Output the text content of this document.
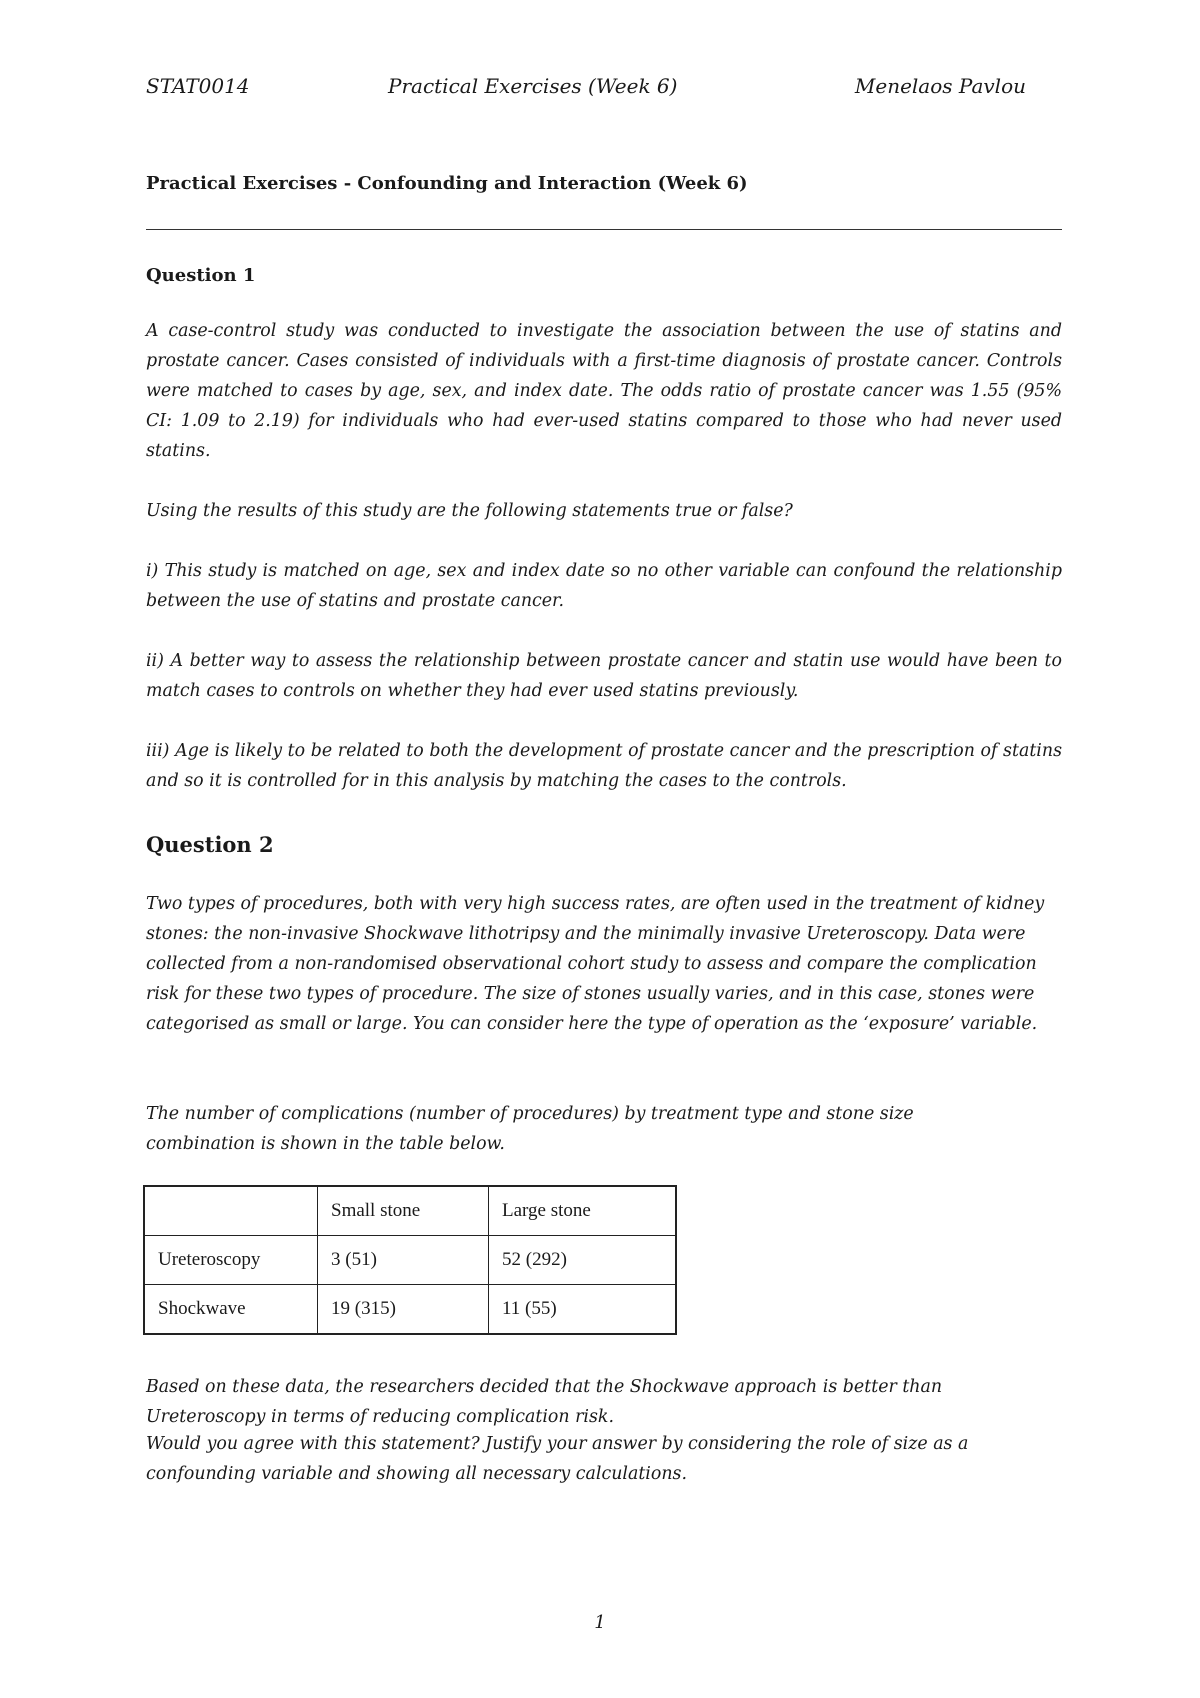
STAT0014	Practical Exercises (Week 6)	Menelaos Pavlou
Practical Exercises - Confounding and Interaction (Week 6)
Question 1

A case-control study was conducted to investigate the association between the use of statins and prostate cancer. Cases consisted of individuals with a first-time diagnosis of prostate cancer. Controls were matched to cases by age, sex, and index date. The odds ratio of prostate cancer was 1.55 (95% CI: 1.09 to 2.19) for individuals who had ever-used statins compared to those who had never used statins.

Using the results of this study are the following statements true or false?

i) This study is matched on age, sex and index date so no other variable can confound the relationship between the use of statins and prostate cancer.

ii) A better way to assess the relationship between prostate cancer and statin use would have been to match cases to controls on whether they had ever used statins previously.

iii) Age is likely to be related to both the development of prostate cancer and the prescription of statins and so it is controlled for in this analysis by matching the cases to the controls.

Question 2

Two types of procedures, both with very high success rates, are often used in the treatment of kidney stones: the non-invasive Shockwave lithotripsy and the minimally invasive Ureteroscopy. Data were collected from a non-randomised observational cohort study to assess and compare the complication risk for these two types of procedure. The size of stones usually varies, and in this case, stones were categorised as small or large. You can consider here the type of operation as the ‘exposure’ variable.

The number of complications (number of procedures) by treatment type and stone size combination is shown in the table below.

	Small stone	Large stone
Ureteroscopy	3 (51)	52 (292)
Shockwave	19 (315)	11 (55)

Based on these data, the researchers decided that the Shockwave approach is better than Ureteroscopy in terms of reducing complication risk.

Would you agree with this statement? Justify your answer by considering the role of size as a confounding variable and showing all necessary calculations.

1
